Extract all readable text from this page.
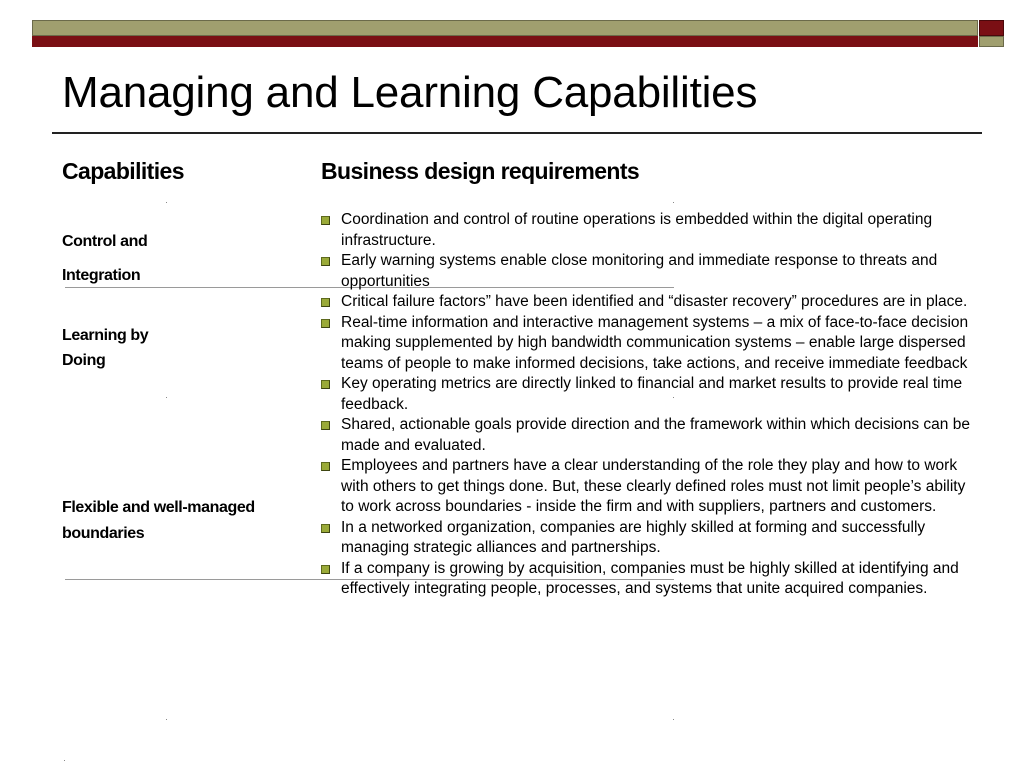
Managing and Learning Capabilities
Capabilities	Business design requirements
Control and
Integration
Learning by
Doing
Flexible and well-managed
boundaries
Coordination and control of routine operations is embedded within the digital operating infrastructure.
Early warning systems enable close monitoring and immediate response to threats and opportunities
Critical failure factors” have been identified and “disaster recovery” procedures are in place.
Real-time information and interactive management systems – a mix of face-to-face decision making supplemented by high bandwidth communication systems – enable large dispersed teams of people to make informed decisions, take actions, and receive immediate feedback
Key operating metrics are directly linked to financial and market results to provide real time feedback.
Shared, actionable goals provide direction and the framework within which decisions can be made and evaluated.
Employees and partners have a clear understanding of the role they play and how to work with others to get things done. But, these clearly defined roles must not limit people’s ability to work across boundaries - inside the firm and with suppliers, partners and customers.
In a networked organization, companies are highly skilled at forming and successfully managing strategic alliances and partnerships.
If a company is growing by acquisition, companies must be highly skilled at identifying and effectively integrating people, processes, and systems that unite acquired companies.
